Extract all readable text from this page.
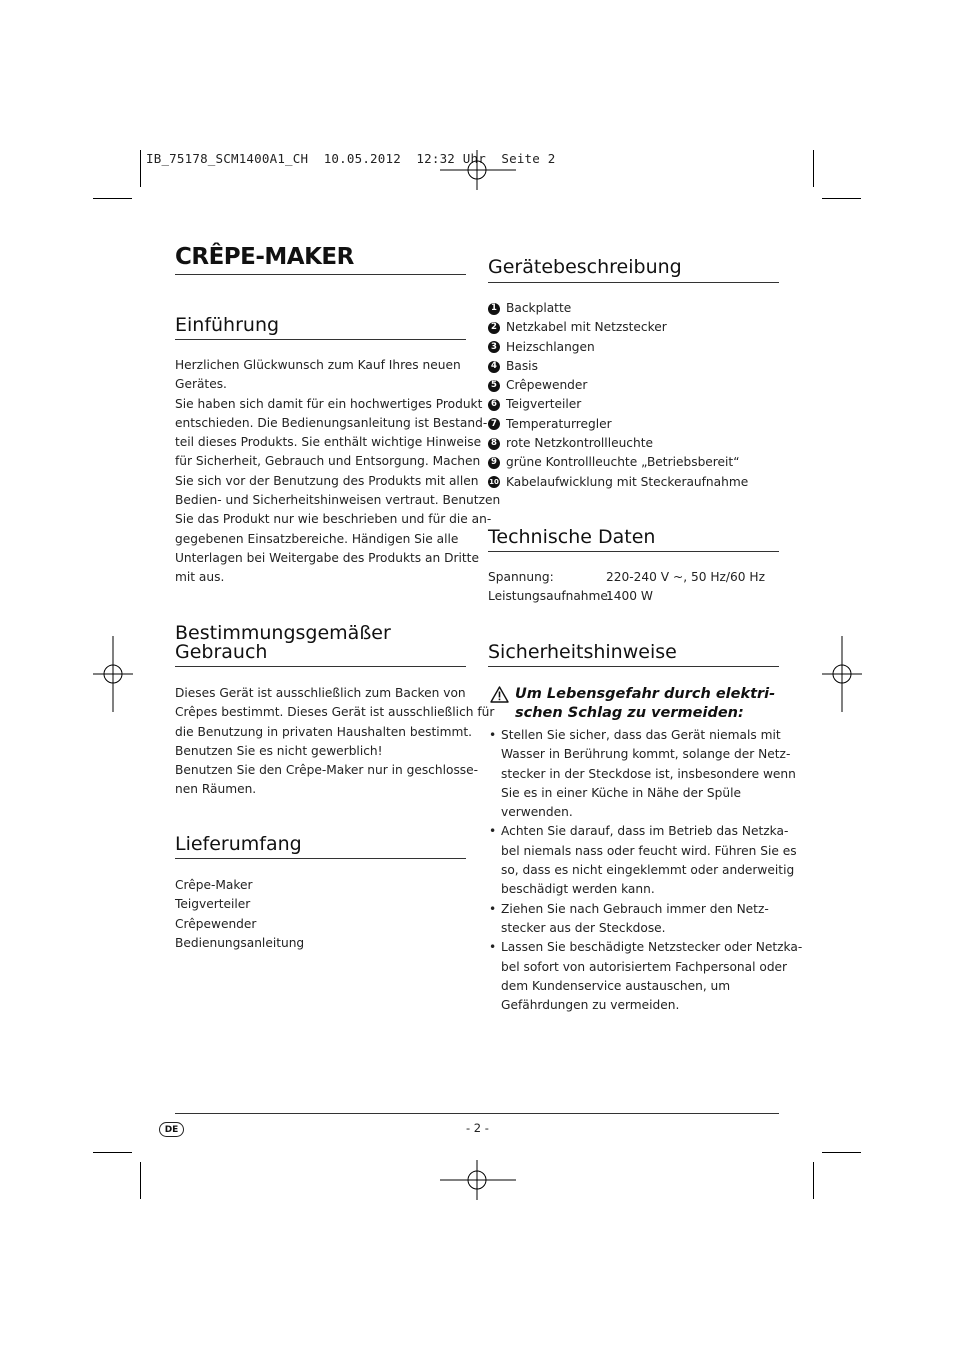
IB_75178_SCM1400A1_CH  10.05.2012  12:32 Uhr  Seite 2
CRÊPE-MAKER
Einführung
Herzlichen Glückwunsch zum Kauf Ihres neuen
Gerätes.
Sie haben sich damit für ein hochwertiges Produkt
entschieden. Die Bedienungsanleitung ist Bestand-
teil dieses Produkts. Sie enthält wichtige Hinweise
für Sicherheit, Gebrauch und Entsorgung. Machen
Sie sich vor der Benutzung des Produkts mit allen
Bedien- und Sicherheitshinweisen vertraut. Benutzen
Sie das Produkt nur wie beschrieben und für die an-
gegebenen Einsatzbereiche. Händigen Sie alle
Unterlagen bei Weitergabe des Produkts an Dritte
mit aus.
Bestimmungsgemäßer
Gebrauch
Dieses Gerät ist ausschließlich zum Backen von
Crêpes bestimmt. Dieses Gerät ist ausschließlich für
die Benutzung in privaten Haushalten bestimmt.
Benutzen Sie es nicht gewerblich!
Benutzen Sie den Crêpe-Maker nur in geschlosse-
nen Räumen.
Lieferumfang
Crêpe-Maker
Teigverteiler
Crêpewender
Bedienungsanleitung
Gerätebeschreibung
1 Backplatte
2 Netzkabel mit Netzstecker
3 Heizschlangen
4 Basis
5 Crêpewender
6 Teigverteiler
7 Temperaturregler
8 rote Netzkontrollleuchte
9 grüne Kontrollleuchte „Betriebsbereit“
10 Kabelaufwicklung mit Steckeraufnahme
Technische Daten
Spannung:	220-240 V ~, 50 Hz/60 Hz
Leistungsaufnahme:
1400 W
Sicherheitshinweise
Um Lebensgefahr durch elektri-
schen Schlag zu vermeiden:
• Stellen Sie sicher, dass das Gerät niemals mit
Wasser in Berührung kommt, solange der Netz-
stecker in der Steckdose ist, insbesondere wenn
Sie es in einer Küche in Nähe der Spüle
verwenden.
• Achten Sie darauf, dass im Betrieb das Netzka-
bel niemals nass oder feucht wird. Führen Sie es
so, dass es nicht eingeklemmt oder anderweitig
beschädigt werden kann.
• Ziehen Sie nach Gebrauch immer den Netz-
stecker aus der Steckdose.
• Lassen Sie beschädigte Netzstecker oder Netzka-
bel sofort von autorisiertem Fachpersonal oder
dem Kundenservice austauschen, um
Gefährdungen zu vermeiden.
DE	- 2 -
